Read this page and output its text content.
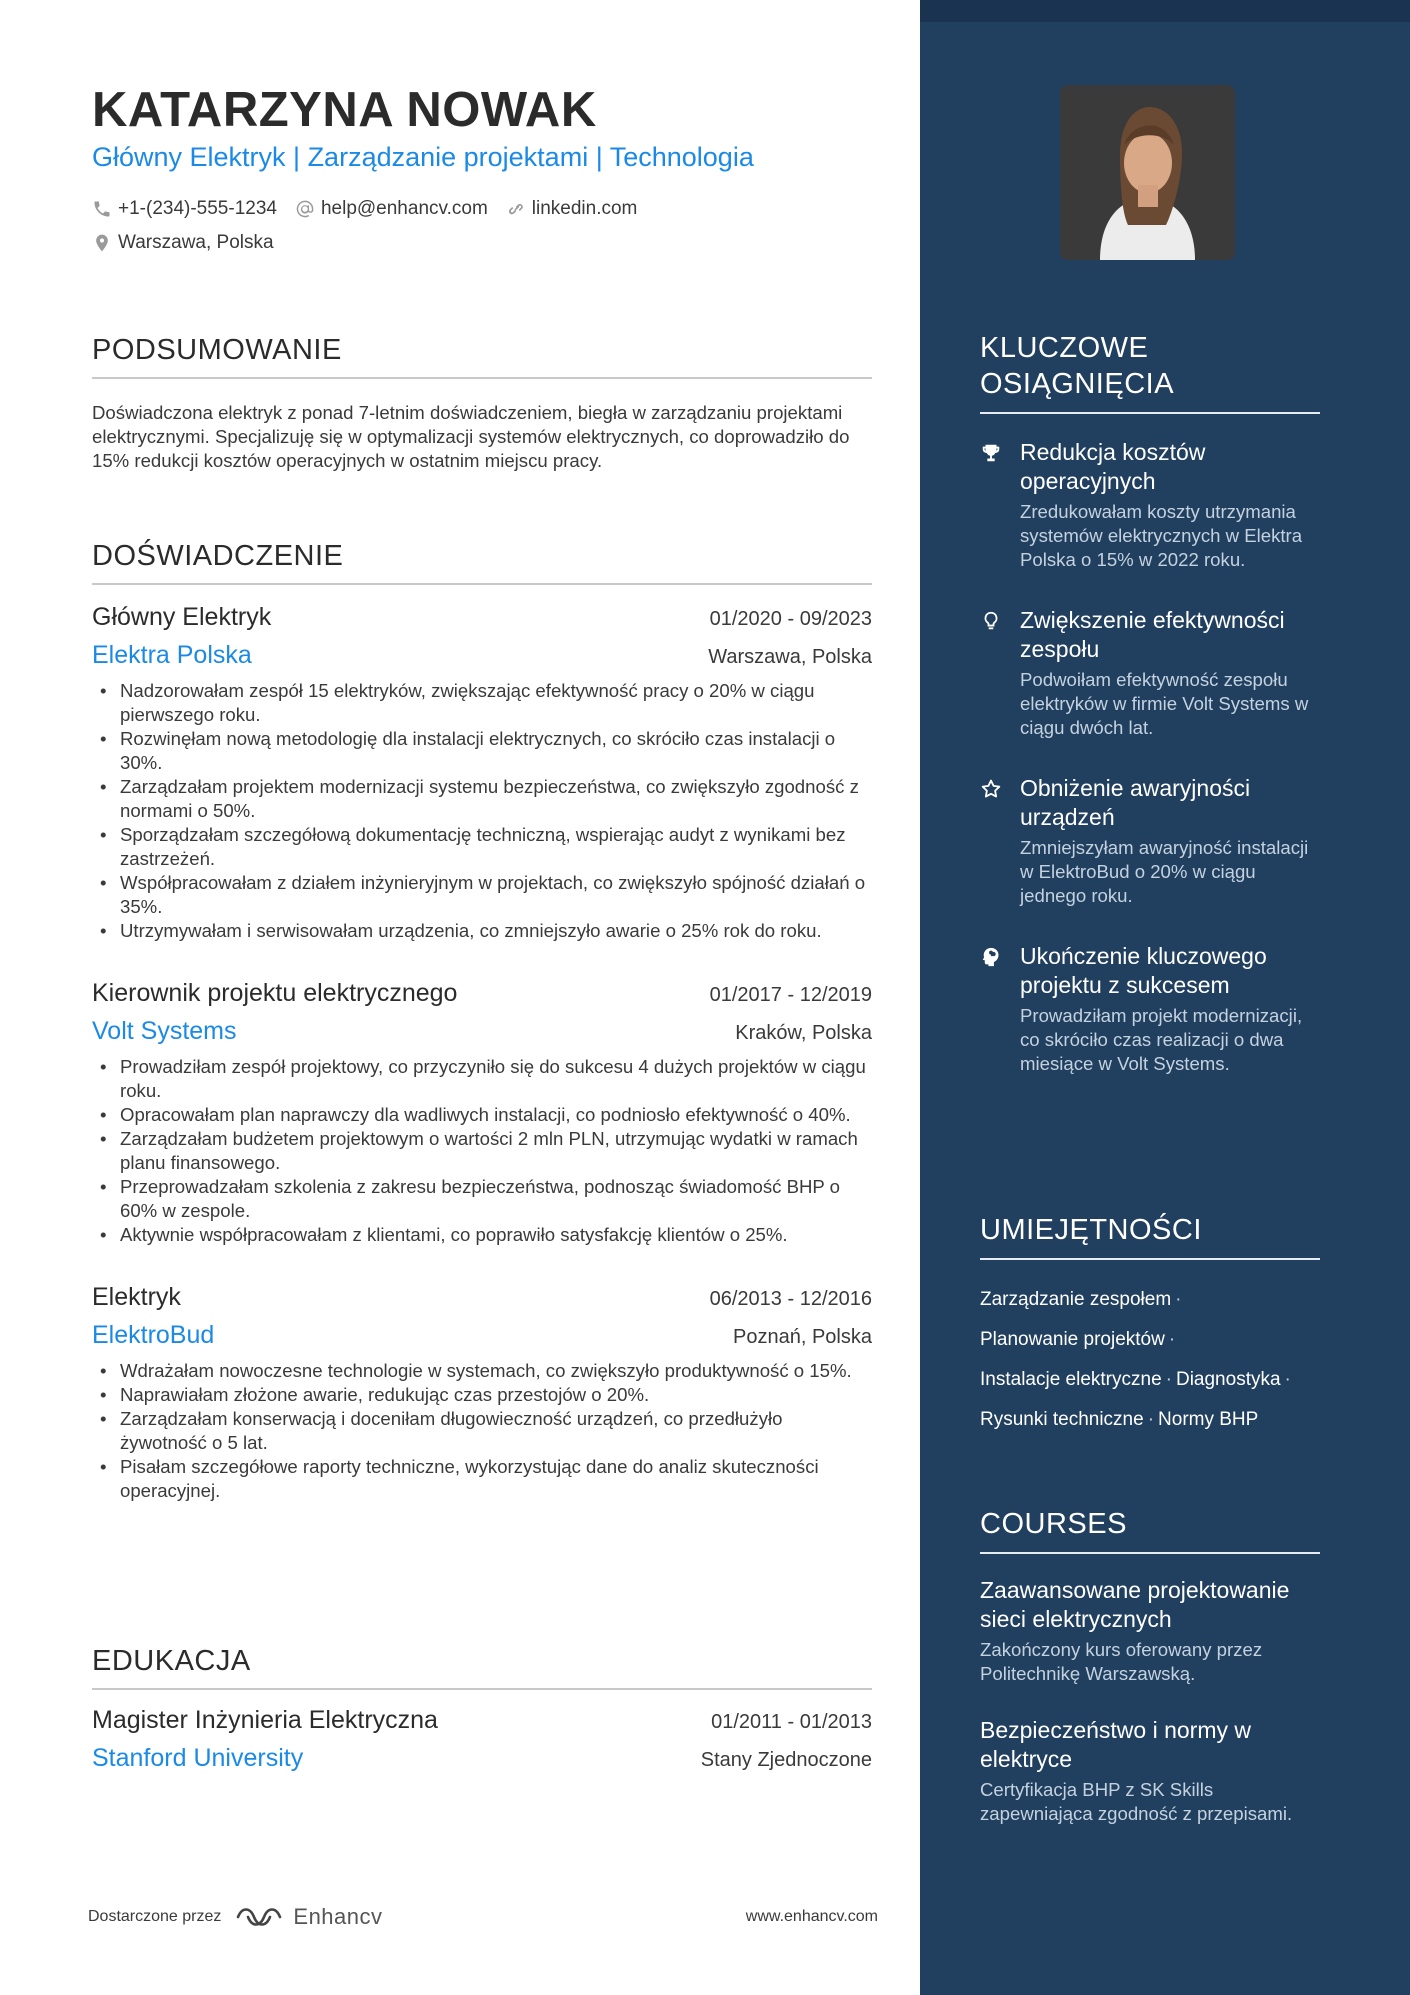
KATARZYNA NOWAK
Główny Elektryk | Zarządzanie projektami | Technologia
+1-(234)-555-1234 help@enhancv.com linkedin.com
Warszawa, Polska
PODSUMOWANIE
Doświadczona elektryk z ponad 7-letnim doświadczeniem, biegła w zarządzaniu projektami elektrycznymi. Specjalizuję się w optymalizacji systemów elektrycznych, co doprowadziło do 15% redukcji kosztów operacyjnych w ostatnim miejscu pracy.
DOŚWIADCZENIE
Główny Elektryk	01/2020 - 09/2023
Elektra Polska	Warszawa, Polska
• Nadzorowałam zespół 15 elektryków, zwiększając efektywność pracy o 20% w ciągu pierwszego roku.
• Rozwinęłam nową metodologię dla instalacji elektrycznych, co skróciło czas instalacji o 30%.
• Zarządzałam projektem modernizacji systemu bezpieczeństwa, co zwiększyło zgodność z normami o 50%.
• Sporządzałam szczegółową dokumentację techniczną, wspierając audyt z wynikami bez zastrzeżeń.
• Współpracowałam z działem inżynieryjnym w projektach, co zwiększyło spójność działań o 35%.
• Utrzymywałam i serwisowałam urządzenia, co zmniejszyło awarie o 25% rok do roku.
Kierownik projektu elektrycznego	01/2017 - 12/2019
Volt Systems	Kraków, Polska
• Prowadziłam zespół projektowy, co przyczyniło się do sukcesu 4 dużych projektów w ciągu roku.
• Opracowałam plan naprawczy dla wadliwych instalacji, co podniosło efektywność o 40%.
• Zarządzałam budżetem projektowym o wartości 2 mln PLN, utrzymując wydatki w ramach planu finansowego.
• Przeprowadzałam szkolenia z zakresu bezpieczeństwa, podnosząc świadomość BHP o 60% w zespole.
• Aktywnie współpracowałam z klientami, co poprawiło satysfakcję klientów o 25%.
Elektryk	06/2013 - 12/2016
ElektroBud	Poznań, Polska
• Wdrażałam nowoczesne technologie w systemach, co zwiększyło produktywność o 15%.
• Naprawiałam złożone awarie, redukując czas przestojów o 20%.
• Zarządzałam konserwacją i doceniłam długowieczność urządzeń, co przedłużyło żywotność o 5 lat.
• Pisałam szczegółowe raporty techniczne, wykorzystując dane do analiz skuteczności operacyjnej.
EDUKACJA
Magister Inżynieria Elektryczna	01/2011 - 01/2013
Stanford University	Stany Zjednoczone
Dostarczone przez	Enhancv	www.enhancv.com
KLUCZOWE OSIĄGNIĘCIA
Redukcja kosztów operacyjnych
Zredukowałam koszty utrzymania systemów elektrycznych w Elektra Polska o 15% w 2022 roku.
Zwiększenie efektywności zespołu
Podwoiłam efektywność zespołu elektryków w firmie Volt Systems w ciągu dwóch lat.
Obniżenie awaryjności urządzeń
Zmniejszyłam awaryjność instalacji w ElektroBud o 20% w ciągu jednego roku.
Ukończenie kluczowego projektu z sukcesem
Prowadziłam projekt modernizacji, co skróciło czas realizacji o dwa miesiące w Volt Systems.
UMIEJĘTNOŚCI
Zarządzanie zespołem ·
Planowanie projektów ·
Instalacje elektryczne · Diagnostyka ·
Rysunki techniczne · Normy BHP
COURSES
Zaawansowane projektowanie sieci elektrycznych
Zakończony kurs oferowany przez Politechnikę Warszawską.
Bezpieczeństwo i normy w elektryce
Certyfikacja BHP z SK Skills zapewniająca zgodność z przepisami.
